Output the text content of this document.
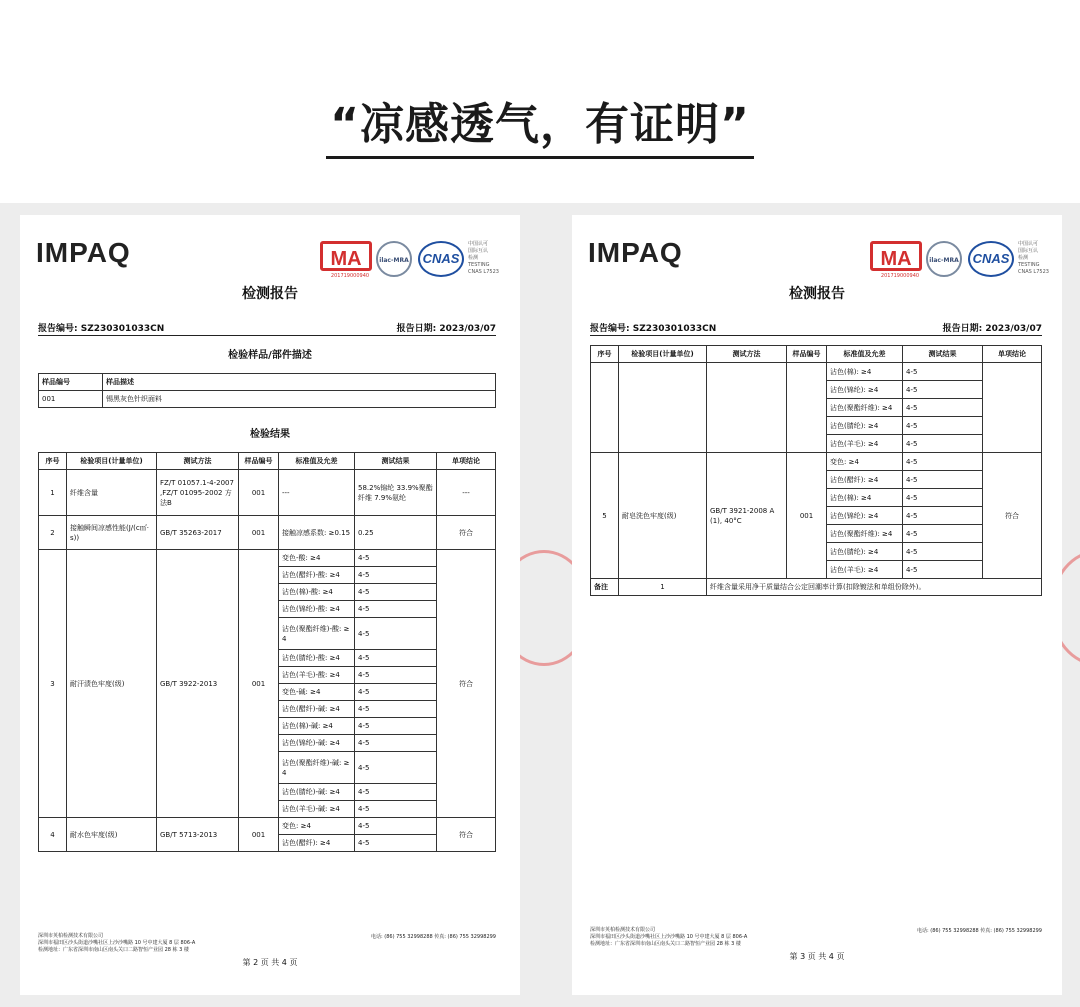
“凉感透气，有证明”
IMPAQ	MA
201719000940
ilac-MRA	CNAS
中国认可
国际互认
检测
TESTING
CNAS L7523
检测报告
报告编号: SZ230301033CN	报告日期: 2023/03/07
检验样品/部件描述
样品编号	样品描述
001	锡黑灰色针织面料
检验结果
序号	检验项目(计量单位)	测试方法	样品编号	标准值及允差	测试结果	单项结论
1	纤维含量	FZ/T 01057.1-4-2007 ,FZ/T 01095-2002 方法B	001	---	58.2%锦纶 33.9%聚酯纤维 7.9%氨纶	---
2	接触瞬间凉感性能(J/(c㎡·s))	GB/T 35263-2017	001	接触凉感系数: ≥0.15	0.25	符合
3	耐汗渍色牢度(级)	GB/T 3922-2013	001	变色-酸: ≥4	4-5	符合
				沾色(醋纤)-酸: ≥4	4-5	
				沾色(棉)-酸: ≥4	4-5	
				沾色(锦纶)-酸: ≥4	4-5	
				沾色(聚酯纤维)-酸: ≥4	4-5	
				沾色(腈纶)-酸: ≥4	4-5	
				沾色(羊毛)-酸: ≥4	4-5	
				变色-碱: ≥4	4-5	
				沾色(醋纤)-碱: ≥4	4-5	
				沾色(棉)-碱: ≥4	4-5	
				沾色(锦纶)-碱: ≥4	4-5	
				沾色(聚酯纤维)-碱: ≥4	4-5	
				沾色(腈纶)-碱: ≥4	4-5	
				沾色(羊毛)-碱: ≥4	4-5	
4	耐水色牢度(级)	GB/T 5713-2013	001	变色: ≥4	4-5	符合
				沾色(醋纤): ≥4	4-5	
深圳市英柏检测技术有限公司
深圳市福田区沙头街道沙嘴社区上沙沙嘴路 10 号中建大厦 8 层 806-A
检测地址：广东省深圳市南山区南头关口二路智恒产业园 28 栋 3 楼
电话: (86) 755 32998288 传真: (86) 755 32998299
第 2 页 共 4 页
IMPAQ	MA
201719000940
ilac-MRA	CNAS
中国认可
国际互认
检测
TESTING
CNAS L7523
检测报告
报告编号: SZ230301033CN	报告日期: 2023/03/07
序号	检验项目(计量单位)	测试方法	样品编号	标准值及允差	测试结果	单项结论
				沾色(棉): ≥4	4-5	
				沾色(锦纶): ≥4	4-5	
				沾色(聚酯纤维): ≥4	4-5	
				沾色(腈纶): ≥4	4-5	
				沾色(羊毛): ≥4	4-5	
5	耐皂洗色牢度(级)	GB/T 3921-2008 A(1), 40°C	001	变色: ≥4	4-5	符合
				沾色(醋纤): ≥4	4-5	
				沾色(棉): ≥4	4-5	
				沾色(锦纶): ≥4	4-5	
				沾色(聚酯纤维): ≥4	4-5	
				沾色(腈纶): ≥4	4-5	
				沾色(羊毛): ≥4	4-5	
备注	1	纤维含量采用净干质量结合公定回潮率计算(扣除镀法和单组份除外)。				
深圳市英柏检测技术有限公司
深圳市福田区沙头街道沙嘴社区上沙沙嘴路 10 号中建大厦 8 层 806-A
检测地址：广东省深圳市南山区南头关口二路智恒产业园 28 栋 3 楼
电话: (86) 755 32998288 传真: (86) 755 32998299
第 3 页 共 4 页
